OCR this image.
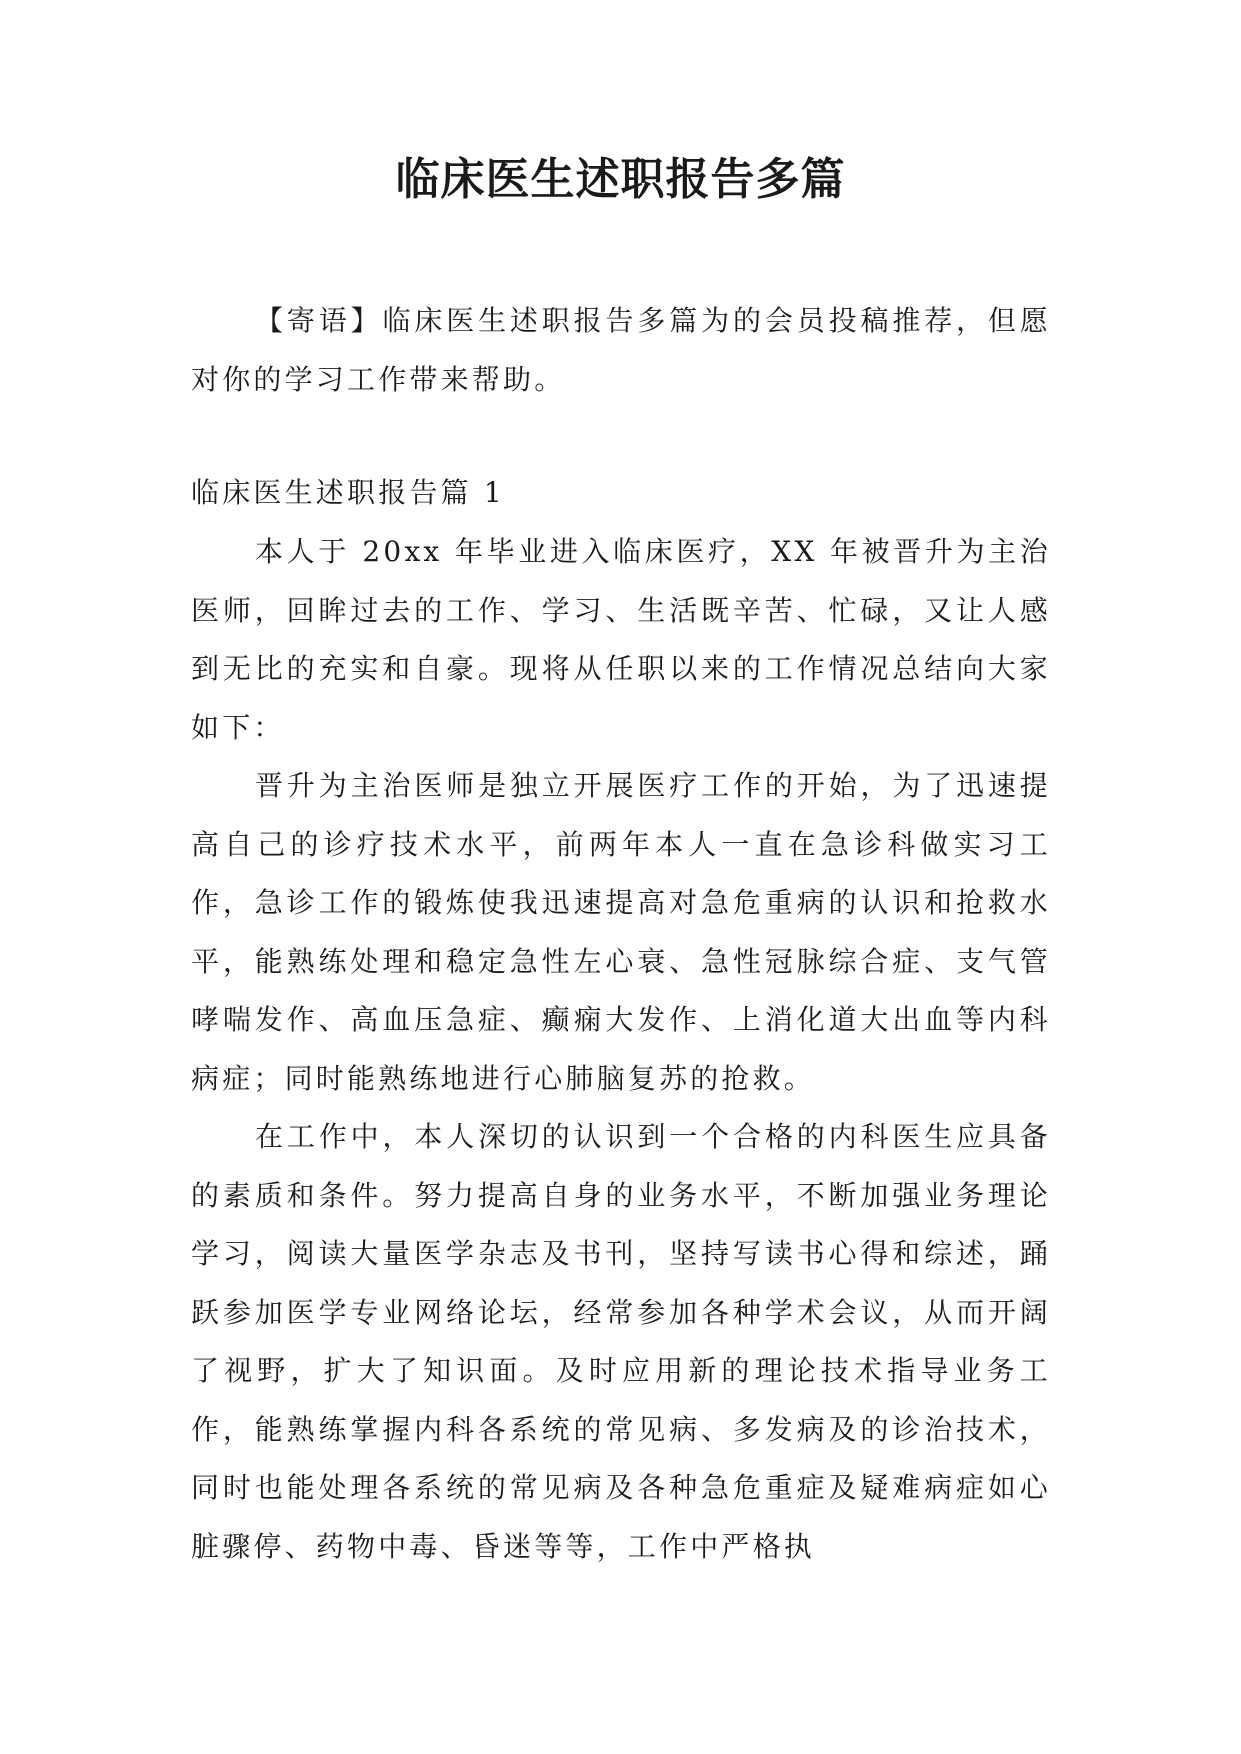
临床医生述职报告多篇

【寄语】临床医生述职报告多篇为的会员投稿推荐，但愿对你的学习工作带来帮助。

临床医生述职报告篇 1

本人于 20xx 年毕业进入临床医疗，XX 年被晋升为主治医师，回眸过去的工作、学习、生活既辛苦、忙碌，又让人感到无比的充实和自豪。现将从任职以来的工作情况总结向大家如下：

晋升为主治医师是独立开展医疗工作的开始，为了迅速提高自己的诊疗技术水平，前两年本人一直在急诊科做实习工作，急诊工作的锻炼使我迅速提高对急危重病的认识和抢救水平，能熟练处理和稳定急性左心衰、急性冠脉综合症、支气管哮喘发作、高血压急症、癫痫大发作、上消化道大出血等内科病症；同时能熟练地进行心肺脑复苏的抢救。

在工作中，本人深切的认识到一个合格的内科医生应具备的素质和条件。努力提高自身的业务水平，不断加强业务理论学习，阅读大量医学杂志及书刊，坚持写读书心得和综述，踊跃参加医学专业网络论坛，经常参加各种学术会议，从而开阔了视野，扩大了知识面。及时应用新的理论技术指导业务工作，能熟练掌握内科各系统的常见病、多发病及的诊治技术，同时也能处理各系统的常见病及各种急危重症及疑难病症如心脏骤停、药物中毒、昏迷等等，工作中严格执
